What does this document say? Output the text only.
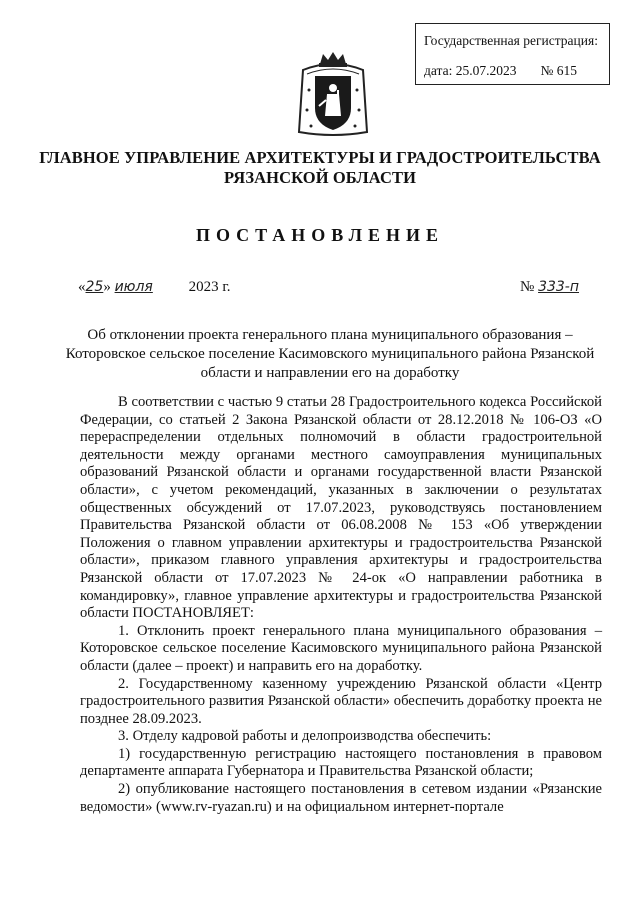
Государственная регистрация:
дата: 25.07.2023 № 615
ГЛАВНОЕ УПРАВЛЕНИЕ АРХИТЕКТУРЫ И ГРАДОСТРОИТЕЛЬСТВА
РЯЗАНСКОЙ ОБЛАСТИ
ПОСТАНОВЛЕНИЕ
«25» июля 2023 г.	№ 333-п
Об отклонении проекта генерального плана муниципального образования – Которовское сельское поселение Касимовского муниципального района Рязанской области и направлении его на доработку

В соответствии с частью 9 статьи 28 Градостроительного кодекса Российской Федерации, со статьей 2 Закона Рязанской области от 28.12.2018 № 106-ОЗ «О перераспределении отдельных полномочий в области градостроительной деятельности между органами местного самоуправления муниципальных образований Рязанской области и органами государственной власти Рязанской области», с учетом рекомендаций, указанных в заключении о результатах общественных обсуждений от 17.07.2023, руководствуясь постановлением Правительства Рязанской области от 06.08.2008 № 153 «Об утверждении Положения о главном управлении архитектуры и градостроительства Рязанской области», приказом главного управления архитектуры и градостроительства Рязанской области от 17.07.2023 № 24-ок «О направлении работника в командировку», главное управление архитектуры и градостроительства Рязанской области ПОСТАНОВЛЯЕТ:

1. Отклонить проект генерального плана муниципального образования – Которовское сельское поселение Касимовского муниципального района Рязанской области (далее – проект) и направить его на доработку.

2. Государственному казенному учреждению Рязанской области «Центр градостроительного развития Рязанской области» обеспечить доработку проекта не позднее 28.09.2023.

3. Отделу кадровой работы и делопроизводства обеспечить:

1) государственную регистрацию настоящего постановления в правовом департаменте аппарата Губернатора и Правительства Рязанской области;

2) опубликование настоящего постановления в сетевом издании «Рязанские ведомости» (www.rv-ryazan.ru) и на официальном интернет-портале
